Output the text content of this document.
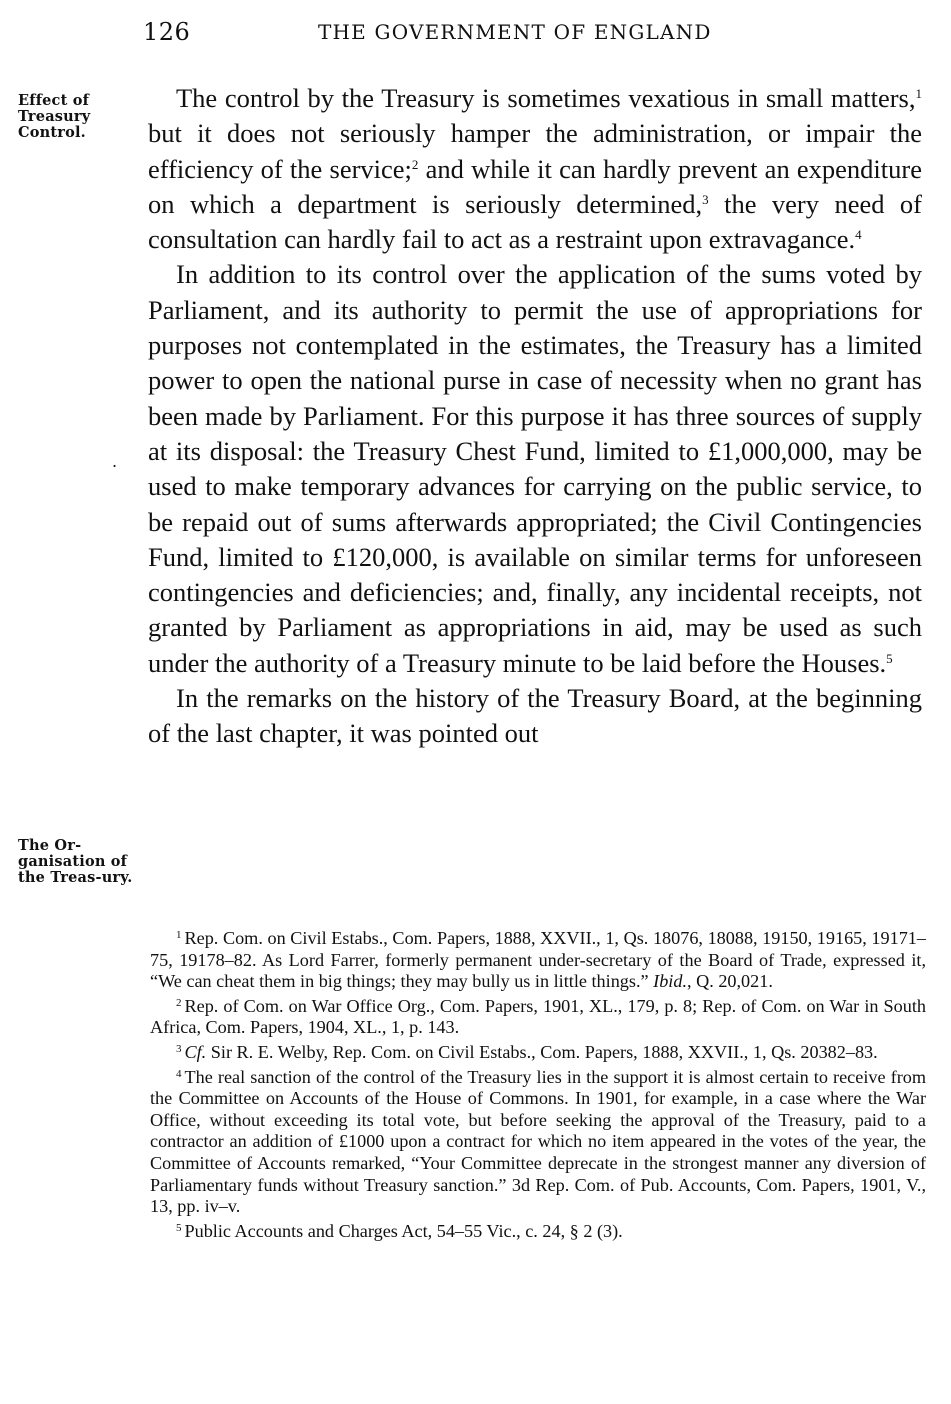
126	THE GOVERNMENT OF ENGLAND
Effect of Treasury Control.
The Or-ganisation of the Treas-ury.
.

The control by the Treasury is sometimes vexatious in small matters,$^1$ but it does not seriously hamper the administration, or impair the efficiency of the service;$^2$ and while it can hardly prevent an expenditure on which a department is seriously determined,$^3$ the very need of consultation can hardly fail to act as a restraint upon extravagance.$^4$

In addition to its control over the application of the sums voted by Parliament, and its authority to permit the use of appropriations for purposes not contemplated in the estimates, the Treasury has a limited power to open the national purse in case of necessity when no grant has been made by Parliament. For this purpose it has three sources of supply at its disposal: the Treasury Chest Fund, limited to £1,000,000, may be used to make temporary advances for carrying on the public service, to be repaid out of sums afterwards appropriated; the Civil Contingencies Fund, limited to £120,000, is available on similar terms for unforeseen contingencies and deficiencies; and, finally, any incidental receipts, not granted by Parliament as appropriations in aid, may be used as such under the authority of a Treasury minute to be laid before the Houses.$^5$

In the remarks on the history of the Treasury Board, at the beginning of the last chapter, it was pointed out

$^1$ Rep. Com. on Civil Estabs., Com. Papers, 1888, XXVII., 1, Qs. 18076, 18088, 19150, 19165, 19171–75, 19178–82. As Lord Farrer, formerly permanent under-secretary of the Board of Trade, expressed it, “We can cheat them in big things; they may bully us in little things.” Ibid., Q. 20,021.

$^2$ Rep. of Com. on War Office Org., Com. Papers, 1901, XL., 179, p. 8; Rep. of Com. on War in South Africa, Com. Papers, 1904, XL., 1, p. 143.

$^3$ Cf. Sir R. E. Welby, Rep. Com. on Civil Estabs., Com. Papers, 1888, XXVII., 1, Qs. 20382–83.

$^4$ The real sanction of the control of the Treasury lies in the support it is almost certain to receive from the Committee on Accounts of the House of Commons. In 1901, for example, in a case where the War Office, without exceeding its total vote, but before seeking the approval of the Treasury, paid to a contractor an addition of £1000 upon a contract for which no item appeared in the votes of the year, the Committee of Accounts remarked, “Your Committee deprecate in the strongest manner any diversion of Parliamentary funds without Treasury sanction.” 3d Rep. Com. of Pub. Accounts, Com. Papers, 1901, V., 13, pp. iv–v.

$^5$ Public Accounts and Charges Act, 54–55 Vic., c. 24, § 2 (3).
